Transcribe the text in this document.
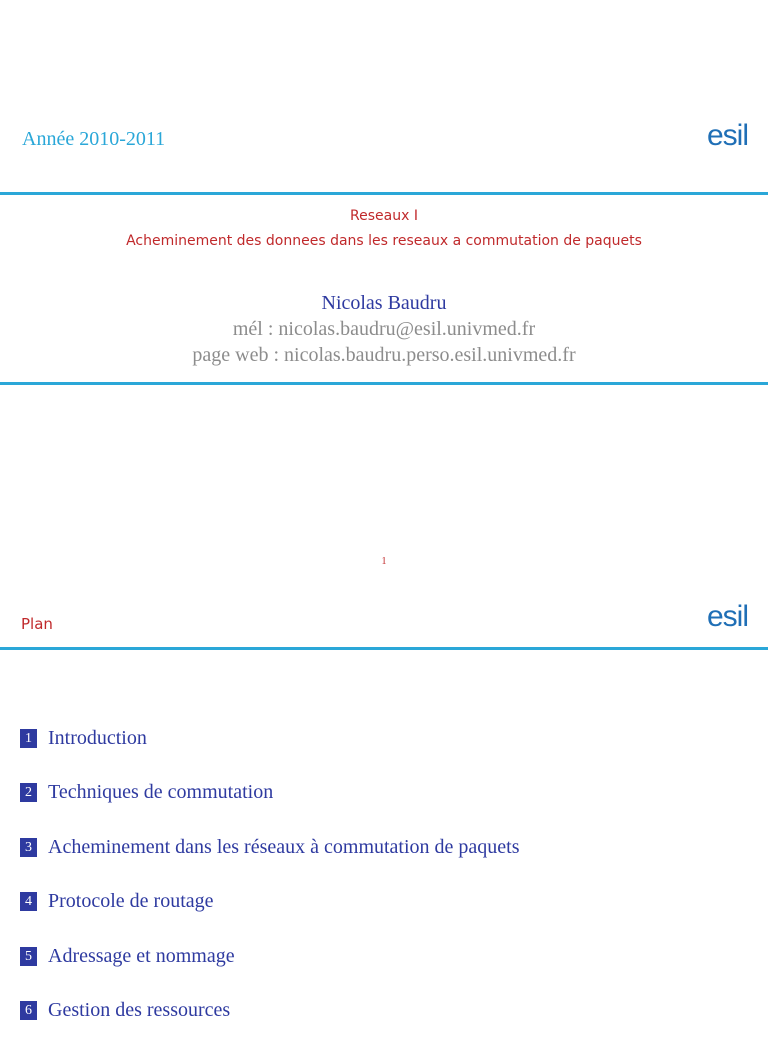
Année 2010-2011	esil
Reseaux I
Acheminement des donnees dans les reseaux a commutation de paquets
Nicolas Baudru
mél : nicolas.baudru@esil.univmed.fr
page web : nicolas.baudru.perso.esil.univmed.fr
1
Plan	esil
1 Introduction
2 Techniques de commutation
3 Acheminement dans les réseaux à commutation de paquets
4 Protocole de routage
5 Adressage et nommage
6 Gestion des ressources
